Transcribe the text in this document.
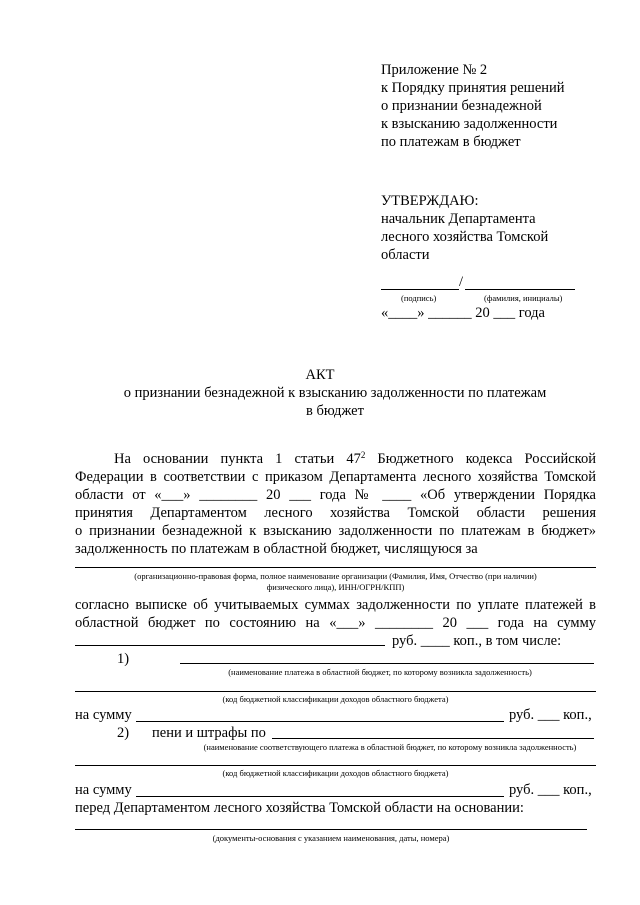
Приложение № 2
к Порядку принятия решений
о признании безнадежной
к взысканию задолженности
по платежам в бюджет
УТВЕРЖДАЮ:
начальник Департамента
лесного хозяйства Томской
области
/
(подпись)	(фамилия, инициалы)
«____» ______ 20 ___ года
АКТ
о признании безнадежной к взысканию задолженности по платежам
в бюджет
На основании пункта 1 статьи $47^2$ Бюджетного кодекса Российской
Федерации в соответствии с приказом Департамента лесного хозяйства Томской
области от «___» ________ 20 ___ года № ____ «Об утверждении Порядка
принятия Департаментом лесного хозяйства Томской области решения
о признании безнадежной к взысканию задолженности по платежам в бюджет»
задолженность по платежам в областной бюджет, числящуюся за
(организационно-правовая форма, полное наименование организации (Фамилия, Имя, Отчество (при наличии)
физического лица), ИНН/ОГРН/КПП)
согласно выписке об учитываемых суммах задолженности по уплате платежей в
областной бюджет по состоянию на «___» ________ 20 ___ года на сумму
руб. ____ коп., в том числе:
1)
(наименование платежа в областной бюджет, по которому возникла задолженность)
(код бюджетной классификации доходов областного бюджета)
на сумму	руб. ___ коп.,
2) пени и штрафы по
(наименование соответствующего платежа в областной бюджет, по которому возникла задолженность)
(код бюджетной классификации доходов областного бюджета)
на сумму	руб. ___ коп.,
перед Департаментом лесного хозяйства Томской области на основании:
(документы-основания с указанием наименования, даты, номера)
